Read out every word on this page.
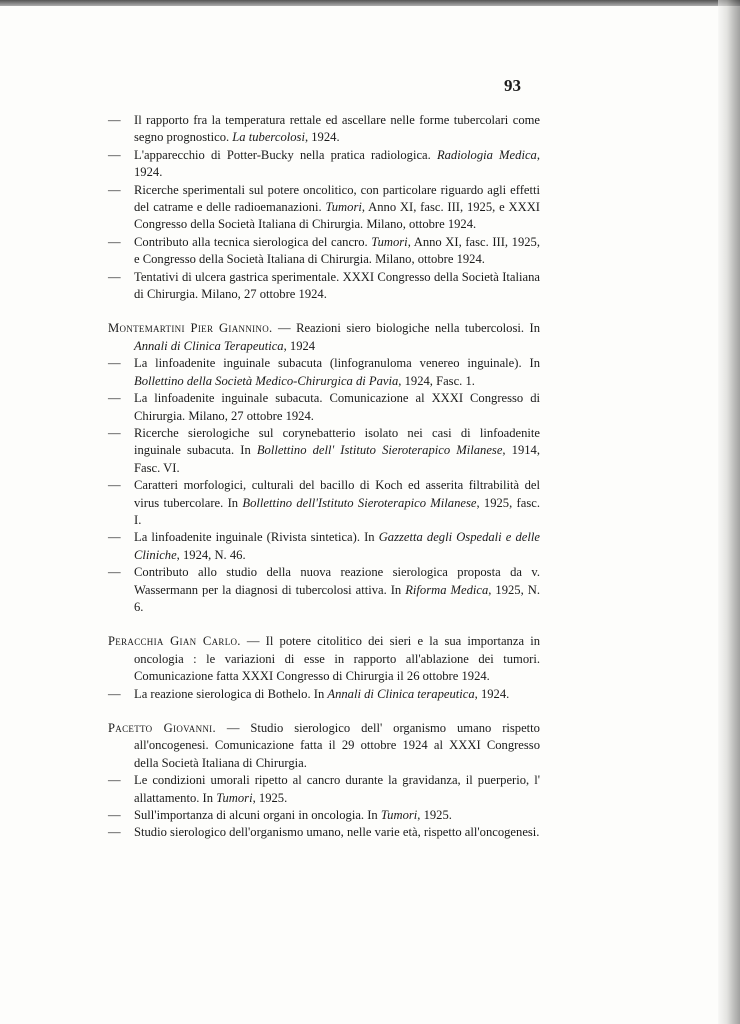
93

— Il rapporto fra la temperatura rettale ed ascellare nelle forme tubercolari come segno prognostico. La tubercolosi, 1924.

— L'apparecchio di Potter-Bucky nella pratica radiologica. Radiologia Medica, 1924.

— Ricerche sperimentali sul potere oncolitico, con particolare riguardo agli effetti del catrame e delle radioemanazioni. Tumori, Anno XI, fasc. III, 1925, e XXXI Congresso della Società Italiana di Chirurgia. Milano, ottobre 1924.

— Contributo alla tecnica sierologica del cancro. Tumori, Anno XI, fasc. III, 1925, e Congresso della Società Italiana di Chirurgia. Milano, ottobre 1924.

— Tentativi di ulcera gastrica sperimentale. XXXI Congresso della Società Italiana di Chirurgia. Milano, 27 ottobre 1924.

Montemartini Pier Giannino. — Reazioni siero biologiche nella tubercolosi. In Annali di Clinica Terapeutica, 1924

— La linfoadenite inguinale subacuta (linfogranuloma venereo inguinale). In Bollettino della Società Medico-Chirurgica di Pavia, 1924, Fasc. 1.

— La linfoadenite inguinale subacuta. Comunicazione al XXXI Congresso di Chirurgia. Milano, 27 ottobre 1924.

— Ricerche sierologiche sul corynebatterio isolato nei casi di linfoadenite inguinale subacuta. In Bollettino dell' Istituto Sieroterapico Milanese, 1914, Fasc. VI.

— Caratteri morfologici, culturali del bacillo di Koch ed asserita filtrabilità del virus tubercolare. In Bollettino dell'Istituto Sieroterapico Milanese, 1925, fasc. I.

— La linfoadenite inguinale (Rivista sintetica). In Gazzetta degli Ospedali e delle Cliniche, 1924, N. 46.

— Contributo allo studio della nuova reazione sierologica proposta da v. Wassermann per la diagnosi di tubercolosi attiva. In Riforma Medica, 1925, N. 6.

Peracchia Gian Carlo. — Il potere citolitico dei sieri e la sua importanza in oncologia : le variazioni di esse in rapporto all'ablazione dei tumori. Comunicazione fatta XXXI Congresso di Chirurgia il 26 ottobre 1924.

— La reazione sierologica di Bothelo. In Annali di Clinica terapeutica, 1924.

Pacetto Giovanni. — Studio sierologico dell' organismo umano rispetto all'oncogenesi. Comunicazione fatta il 29 ottobre 1924 al XXXI Congresso della Società Italiana di Chirurgia.

— Le condizioni umorali ripetto al cancro durante la gravidanza, il puerperio, l' allattamento. In Tumori, 1925.

— Sull'importanza di alcuni organi in oncologia. In Tumori, 1925.

— Studio sierologico dell'organismo umano, nelle varie età, rispetto all'oncogenesi.
